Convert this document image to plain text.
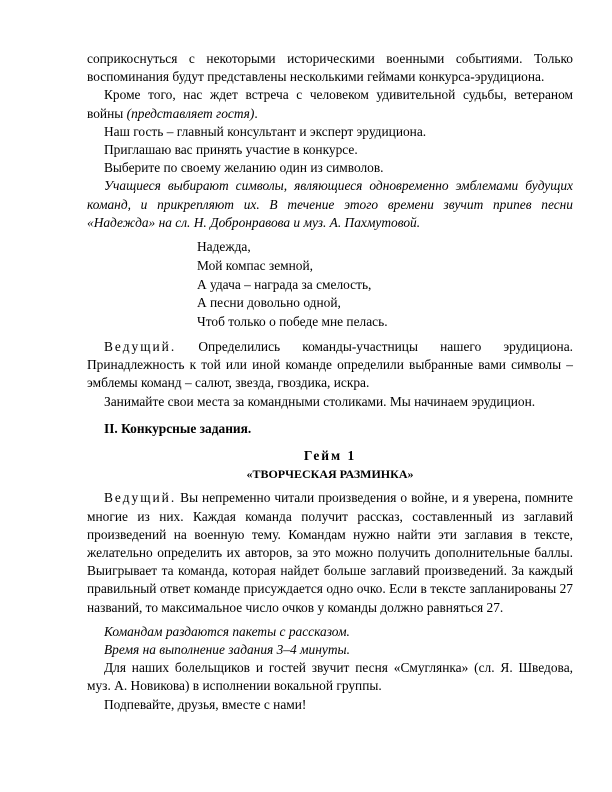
соприкоснуться с некоторыми историческими военными событиями. Только воспоминания будут представлены несколькими геймами конкурса-эрудициона.

Кроме того, нас ждет встреча с человеком удивительной судьбы, ветераном войны (представляет гостя).

Наш гость – главный консультант и эксперт эрудициона.

Приглашаю вас принять участие в конкурсе.

Выберите по своему желанию один из символов.

Учащиеся выбирают символы, являющиеся одновременно эмблемами будущих команд, и прикрепляют их. В течение этого времени звучит припев песни «Надежда» на сл. Н. Добронравова и муз. А. Пахмутовой.

Надежда,
Мой компас земной,
А удача – награда за смелость,
А песни довольно одной,
Чтоб только о победе мне пелась.

Ведущий. Определились команды-участницы нашего эрудициона. Принадлежность к той или иной команде определили выбранные вами символы – эмблемы команд – салют, звезда, гвоздика, искра.

Занимайте свои места за командными столиками. Мы начинаем эрудицион.

II. Конкурсные задания.

Гейм 1

«ТВОРЧЕСКАЯ РАЗМИНКА»

Ведущий. Вы непременно читали произведения о войне, и я уверена, помните многие из них. Каждая команда получит рассказ, составленный из заглавий произведений на военную тему. Командам нужно найти эти заглавия в тексте, желательно определить их авторов, за это можно получить дополнительные баллы. Выигрывает та команда, которая найдет больше заглавий произведений. За каждый правильный ответ команде присуждается одно очко. Если в тексте запланированы 27 названий, то максимальное число очков у команды должно равняться 27.

Командам раздаются пакеты с рассказом.

Время на выполнение задания 3–4 минуты.

Для наших болельщиков и гостей звучит песня «Смуглянка» (сл. Я. Шведова, муз. А. Новикова) в исполнении вокальной группы.

Подпевайте, друзья, вместе с нами!
